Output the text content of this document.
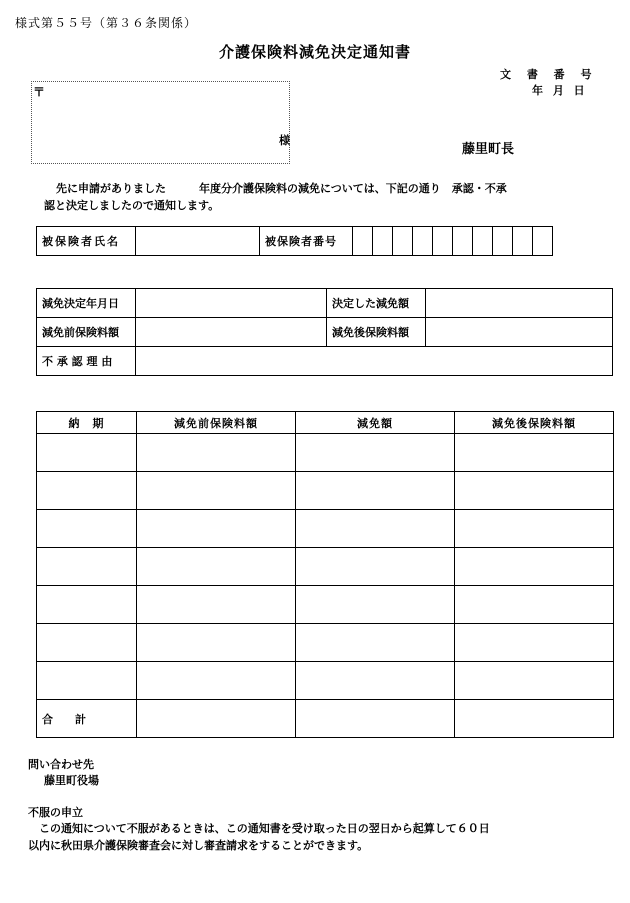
様式第５５号（第３６条関係）
介護保険料減免決定通知書
文 書 番 号
年 月 日
〒
様
藤里町長
先に申請がありました　　　年度分介護保険料の減免については、下記の通り　承認・不承
認と決定しましたので通知します。
被保険者氏名		被保険者番号										
減免決定年月日		決定した減免額	
減免前保険料額		減免後保険料額	
不 承 認 理 由			
納　期	減免前保険料額	減免額	減免後保険料額

合　　計			
問い合わせ先
藤里町役場
不服の申立
　この通知について不服があるときは、この通知書を受け取った日の翌日から起算して６０日
以内に秋田県介護保険審査会に対し審査請求をすることができます。
